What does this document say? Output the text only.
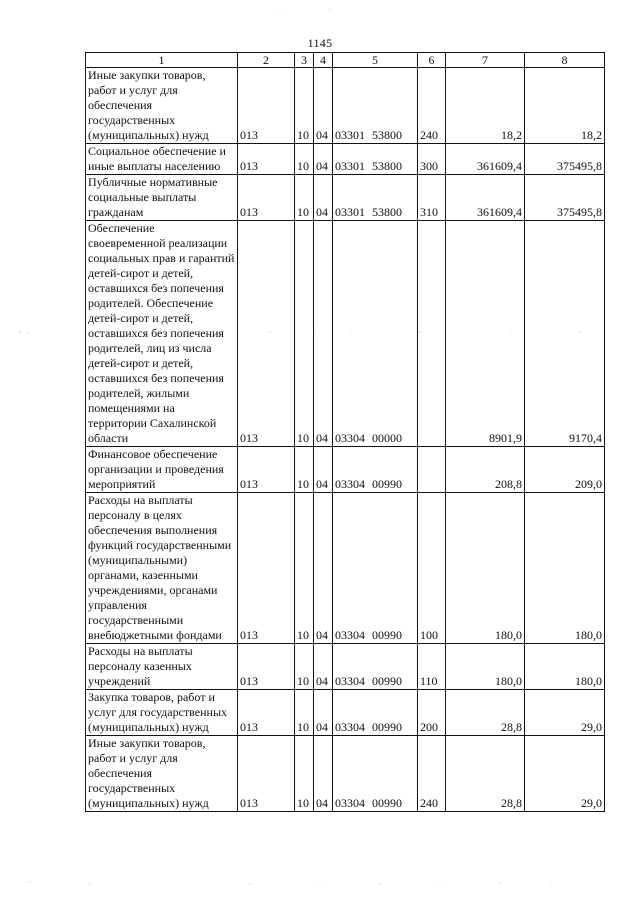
1145
1	2	3	4	5	6	7	8
Иные закупки товаров, работ и услуг для обеспечения государственных (муниципальных) нужд	013	10	04	03301 53800	240	18,2	18,2
Социальное обеспечение и иные выплаты населению	013	10	04	03301 53800	300	361609,4	375495,8
Публичные нормативные социальные выплаты гражданам	013	10	04	03301 53800	310	361609,4	375495,8
Обеспечение своевременной реализации социальных прав и гарантий детей-сирот и детей, оставшихся без попечения родителей. Обеспечение детей-сирот и детей, оставшихся без попечения родителей, лиц из числа детей-сирот и детей, оставшихся без попечения родителей, жилыми помещениями на территории Сахалинской области	013	10	04	03304 00000		8901,9	9170,4
Финансовое обеспечение организации и проведения мероприятий	013	10	04	03304 00990		208,8	209,0
Расходы на выплаты персоналу в целях обеспечения выполнения функций государственными (муниципальными) органами, казенными учреждениями, органами управления государственными внебюджетными фондами	013	10	04	03304 00990	100	180,0	180,0
Расходы на выплаты персоналу казенных учреждений	013	10	04	03304 00990	110	180,0	180,0
Закупка товаров, работ и услуг для государственных (муниципальных) нужд	013	10	04	03304 00990	200	28,8	29,0
Иные закупки товаров, работ и услуг для обеспечения государственных (муниципальных) нужд	013	10	04	03304 00990	240	28,8	29,0
